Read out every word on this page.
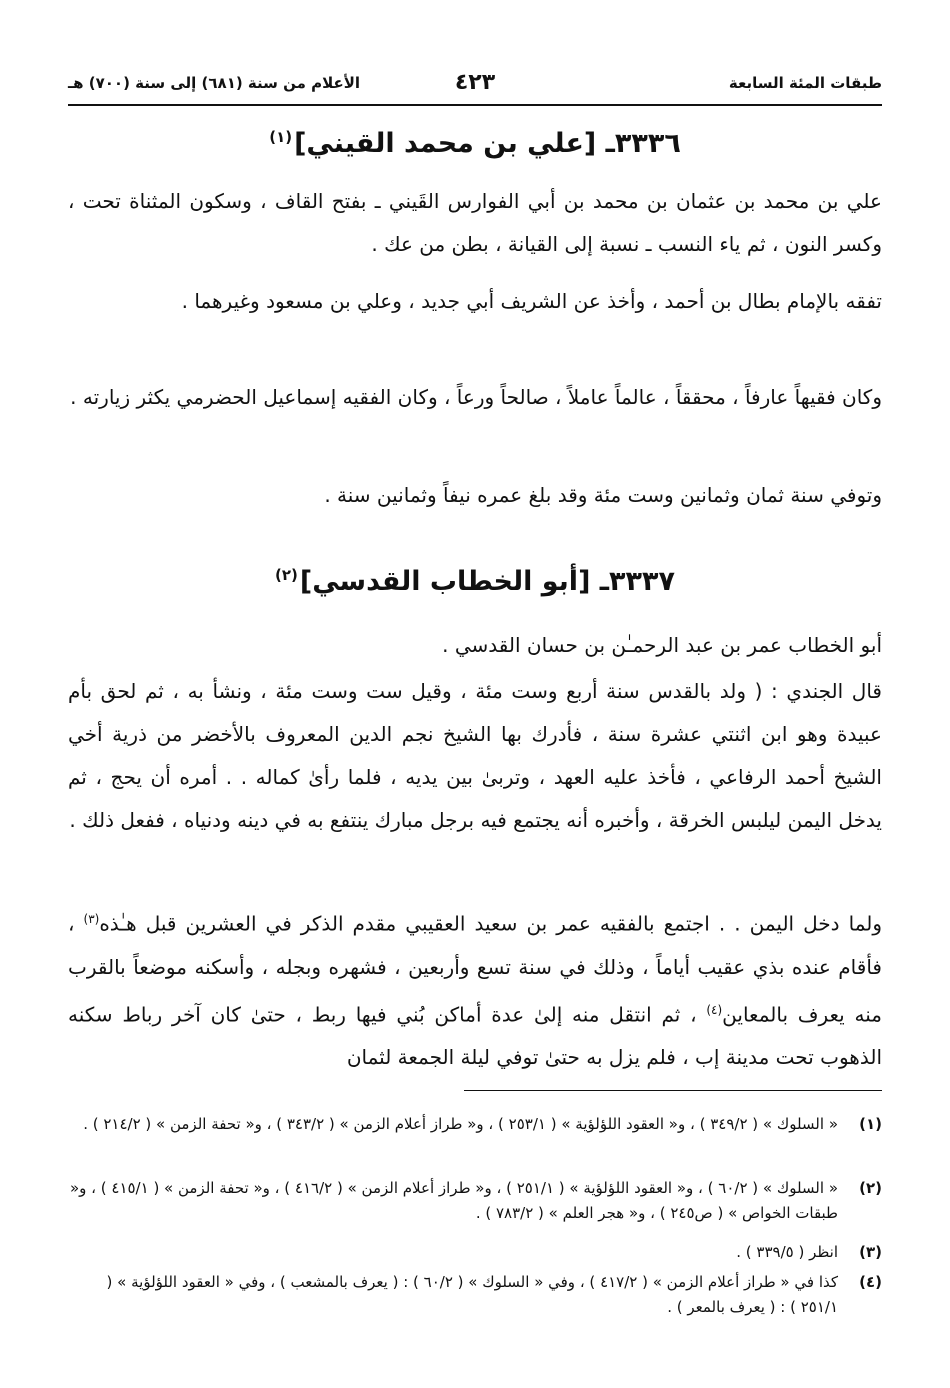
طبقات المئة السابعة
٤٢٣
الأعلام من سنة (٦٨١) إلى سنة (٧٠٠) هـ
٣٣٣٦ـ [علي بن محمد القيني]$^{(١)}$
علي بن محمد بن عثمان بن محمد بن أبي الفوارس القَيني ـ بفتح القاف ، وسكون المثناة تحت ، وكسر النون ، ثم ياء النسب ـ نسبة إلى القيانة ، بطن من عك .
تفقه بالإمام بطال بن أحمد ، وأخذ عن الشريف أبي جديد ، وعلي بن مسعود وغيرهما .
وكان فقيهاً عارفاً ، محققاً ، عالماً عاملاً ، صالحاً ورعاً ، وكان الفقيه إسماعيل الحضرمي يكثر زيارته .
وتوفي سنة ثمان وثمانين وست مئة وقد بلغ عمره نيفاً وثمانين سنة .
٣٣٣٧ـ [أبو الخطاب القدسي]$^{(٢)}$
أبو الخطاب عمر بن عبد الرحمـٰن بن حسان القدسي .
قال الجندي : ( ولد بالقدس سنة أربع وست مئة ، وقيل ست وست مئة ، ونشأ به ، ثم لحق بأم عبيدة وهو ابن اثنتي عشرة سنة ، فأدرك بها الشيخ نجم الدين المعروف بالأخضر من ذرية أخي الشيخ أحمد الرفاعي ، فأخذ عليه العهد ، وتربىٰ بين يديه ، فلما رأىٰ كماله . . أمره أن يحج ، ثم يدخل اليمن ليلبس الخرقة ، وأخبره أنه يجتمع فيه برجل مبارك ينتفع به في دينه ودنياه ، ففعل ذلك .
ولما دخل اليمن . . اجتمع بالفقيه عمر بن سعيد العقيبي مقدم الذكر في العشرين قبل هـٰذه$^{(٣)}$ ، فأقام عنده بذي عقيب أياماً ، وذلك في سنة تسع وأربعين ، فشهره وبجله ، وأسكنه موضعاً بالقرب منه يعرف بالمعاين$^{(٤)}$ ، ثم انتقل منه إلىٰ عدة أماكن بُني فيها ربط ، حتىٰ كان آخر رباط سكنه الذهوب تحت مدينة إب ، فلم يزل به حتىٰ توفي ليلة الجمعة لثمان
(١)
« السلوك » ( ٣٤٩/٢ ) ، و« العقود اللؤلؤية » ( ٢٥٣/١ ) ، و« طراز أعلام الزمن » ( ٣٤٣/٢ ) ، و« تحفة الزمن » ( ٢١٤/٢ ) .
(٢)
« السلوك » ( ٦٠/٢ ) ، و« العقود اللؤلؤية » ( ٢٥١/١ ) ، و« طراز أعلام الزمن » ( ٤١٦/٢ ) ، و« تحفة الزمن » ( ٤١٥/١ ) ، و« طبقات الخواص » ( ص٢٤٥ ) ، و« هجر العلم » ( ٧٨٣/٢ ) .
(٣)
انظر ( ٣٣٩/٥ ) .
(٤)
كذا في « طراز أعلام الزمن » ( ٤١٧/٢ ) ، وفي « السلوك » ( ٦٠/٢ ) : ( يعرف بالمشعب ) ، وفي « العقود اللؤلؤية » ( ٢٥١/١ ) : ( يعرف بالمعر ) .
